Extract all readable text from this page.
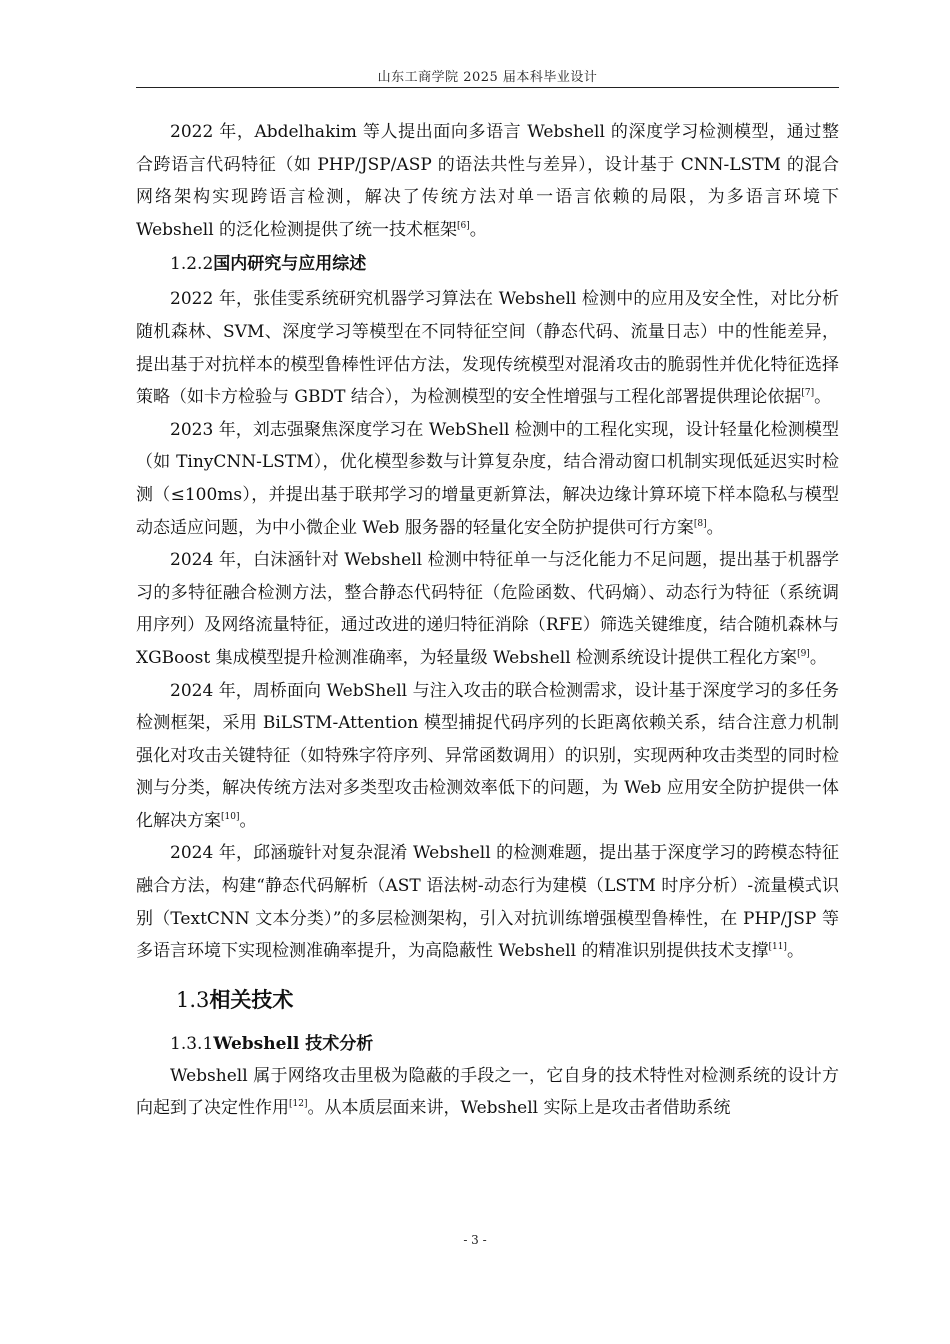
山东工商学院 2025 届本科毕业设计

2022 年，Abdelhakim 等人提出面向多语言 Webshell 的深度学习检测模型，通过整合跨语言代码特征（如 PHP/JSP/ASP 的语法共性与差异），设计基于 CNN-LSTM 的混合网络架构实现跨语言检测，解决了传统方法对单一语言依赖的局限，为多语言环境下 Webshell 的泛化检测提供了统一技术框架[6]。

1.2.2国内研究与应用综述

2022 年，张佳雯系统研究机器学习算法在 Webshell 检测中的应用及安全性，对比分析随机森林、SVM、深度学习等模型在不同特征空间（静态代码、流量日志）中的性能差异，提出基于对抗样本的模型鲁棒性评估方法，发现传统模型对混淆攻击的脆弱性并优化特征选择策略（如卡方检验与 GBDT 结合），为检测模型的安全性增强与工程化部署提供理论依据[7]。

2023 年，刘志强聚焦深度学习在 WebShell 检测中的工程化实现，设计轻量化检测模型（如 TinyCNN-LSTM），优化模型参数与计算复杂度，结合滑动窗口机制实现低延迟实时检测（≤100ms），并提出基于联邦学习的增量更新算法，解决边缘计算环境下样本隐私与模型动态适应问题，为中小微企业 Web 服务器的轻量化安全防护提供可行方案[8]。

2024 年，白沫涵针对 Webshell 检测中特征单一与泛化能力不足问题，提出基于机器学习的多特征融合检测方法，整合静态代码特征（危险函数、代码熵）、动态行为特征（系统调用序列）及网络流量特征，通过改进的递归特征消除（RFE）筛选关键维度，结合随机森林与 XGBoost 集成模型提升检测准确率，为轻量级 Webshell 检测系统设计提供工程化方案[9]。

2024 年，周桥面向 WebShell 与注入攻击的联合检测需求，设计基于深度学习的多任务检测框架，采用 BiLSTM-Attention 模型捕捉代码序列的长距离依赖关系，结合注意力机制强化对攻击关键特征（如特殊字符序列、异常函数调用）的识别，实现两种攻击类型的同时检测与分类，解决传统方法对多类型攻击检测效率低下的问题，为 Web 应用安全防护提供一体化解决方案[10]。

2024 年，邱涵璇针对复杂混淆 Webshell 的检测难题，提出基于深度学习的跨模态特征融合方法，构建“静态代码解析（AST 语法树-动态行为建模（LSTM 时序分析）-流量模式识别（TextCNN 文本分类）”的多层检测架构，引入对抗训练增强模型鲁棒性，在 PHP/JSP 等多语言环境下实现检测准确率提升，为高隐蔽性 Webshell 的精准识别提供技术支撑[11]。

1.3相关技术
1.3.1Webshell 技术分析

Webshell 属于网络攻击里极为隐蔽的手段之一，它自身的技术特性对检测系统的设计方向起到了决定性作用[12]。从本质层面来讲，Webshell 实际上是攻击者借助系统

- 3 -
